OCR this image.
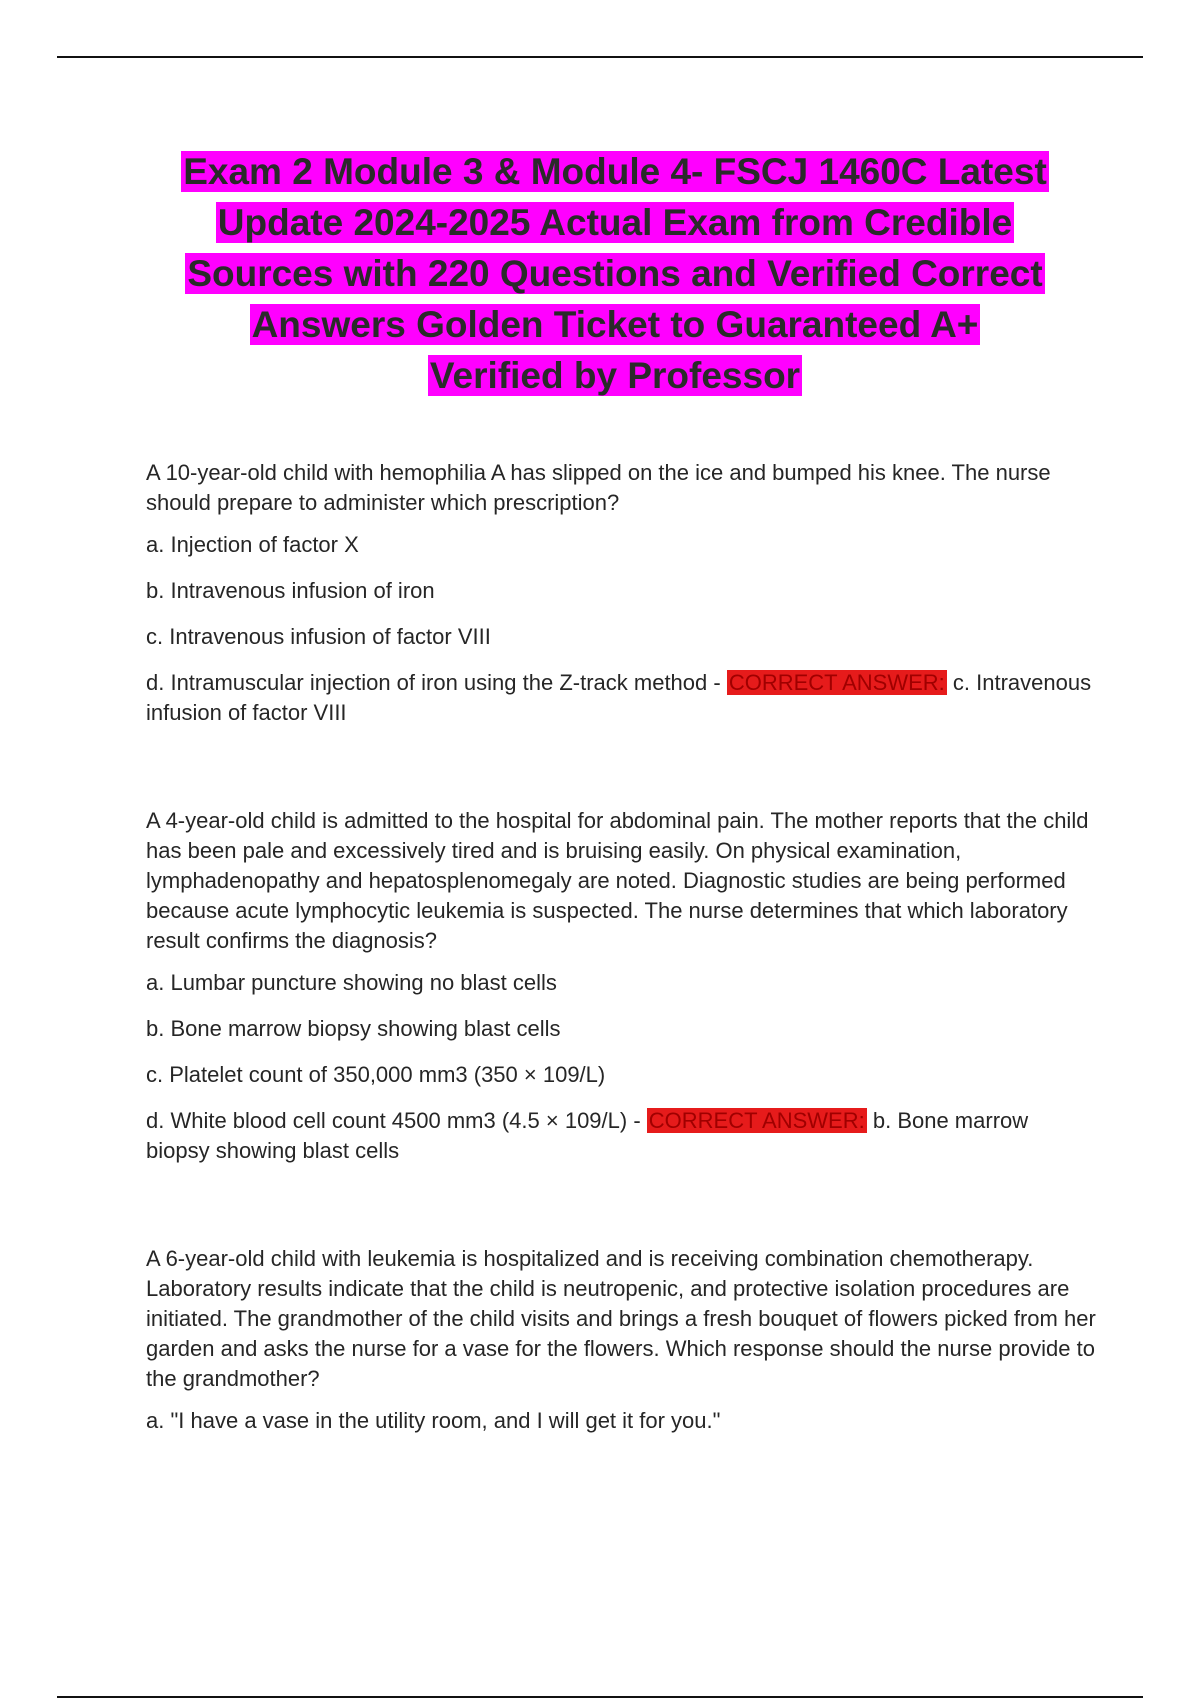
Exam 2 Module 3 & Module 4- FSCJ 1460C Latest
Update 2024-2025 Actual Exam from Credible
Sources with 220 Questions and Verified Correct
Answers Golden Ticket to Guaranteed A+
Verified by Professor

A 10-year-old child with hemophilia A has slipped on the ice and bumped his knee. The nurse should prepare to administer which prescription?

a. Injection of factor X

b. Intravenous infusion of iron

c. Intravenous infusion of factor VIII

d. Intramuscular injection of iron using the Z-track method - CORRECT ANSWER: c. Intravenous infusion of factor VIII

A 4-year-old child is admitted to the hospital for abdominal pain. The mother reports that the child has been pale and excessively tired and is bruising easily. On physical examination, lymphadenopathy and hepatosplenomegaly are noted. Diagnostic studies are being performed because acute lymphocytic leukemia is suspected. The nurse determines that which laboratory result confirms the diagnosis?

a. Lumbar puncture showing no blast cells

b. Bone marrow biopsy showing blast cells

c. Platelet count of 350,000 mm3 (350 × 109/L)

d. White blood cell count 4500 mm3 (4.5 × 109/L) - CORRECT ANSWER: b. Bone marrow biopsy showing blast cells

A 6-year-old child with leukemia is hospitalized and is receiving combination chemotherapy. Laboratory results indicate that the child is neutropenic, and protective isolation procedures are initiated. The grandmother of the child visits and brings a fresh bouquet of flowers picked from her garden and asks the nurse for a vase for the flowers. Which response should the nurse provide to the grandmother?

a. "I have a vase in the utility room, and I will get it for you."
